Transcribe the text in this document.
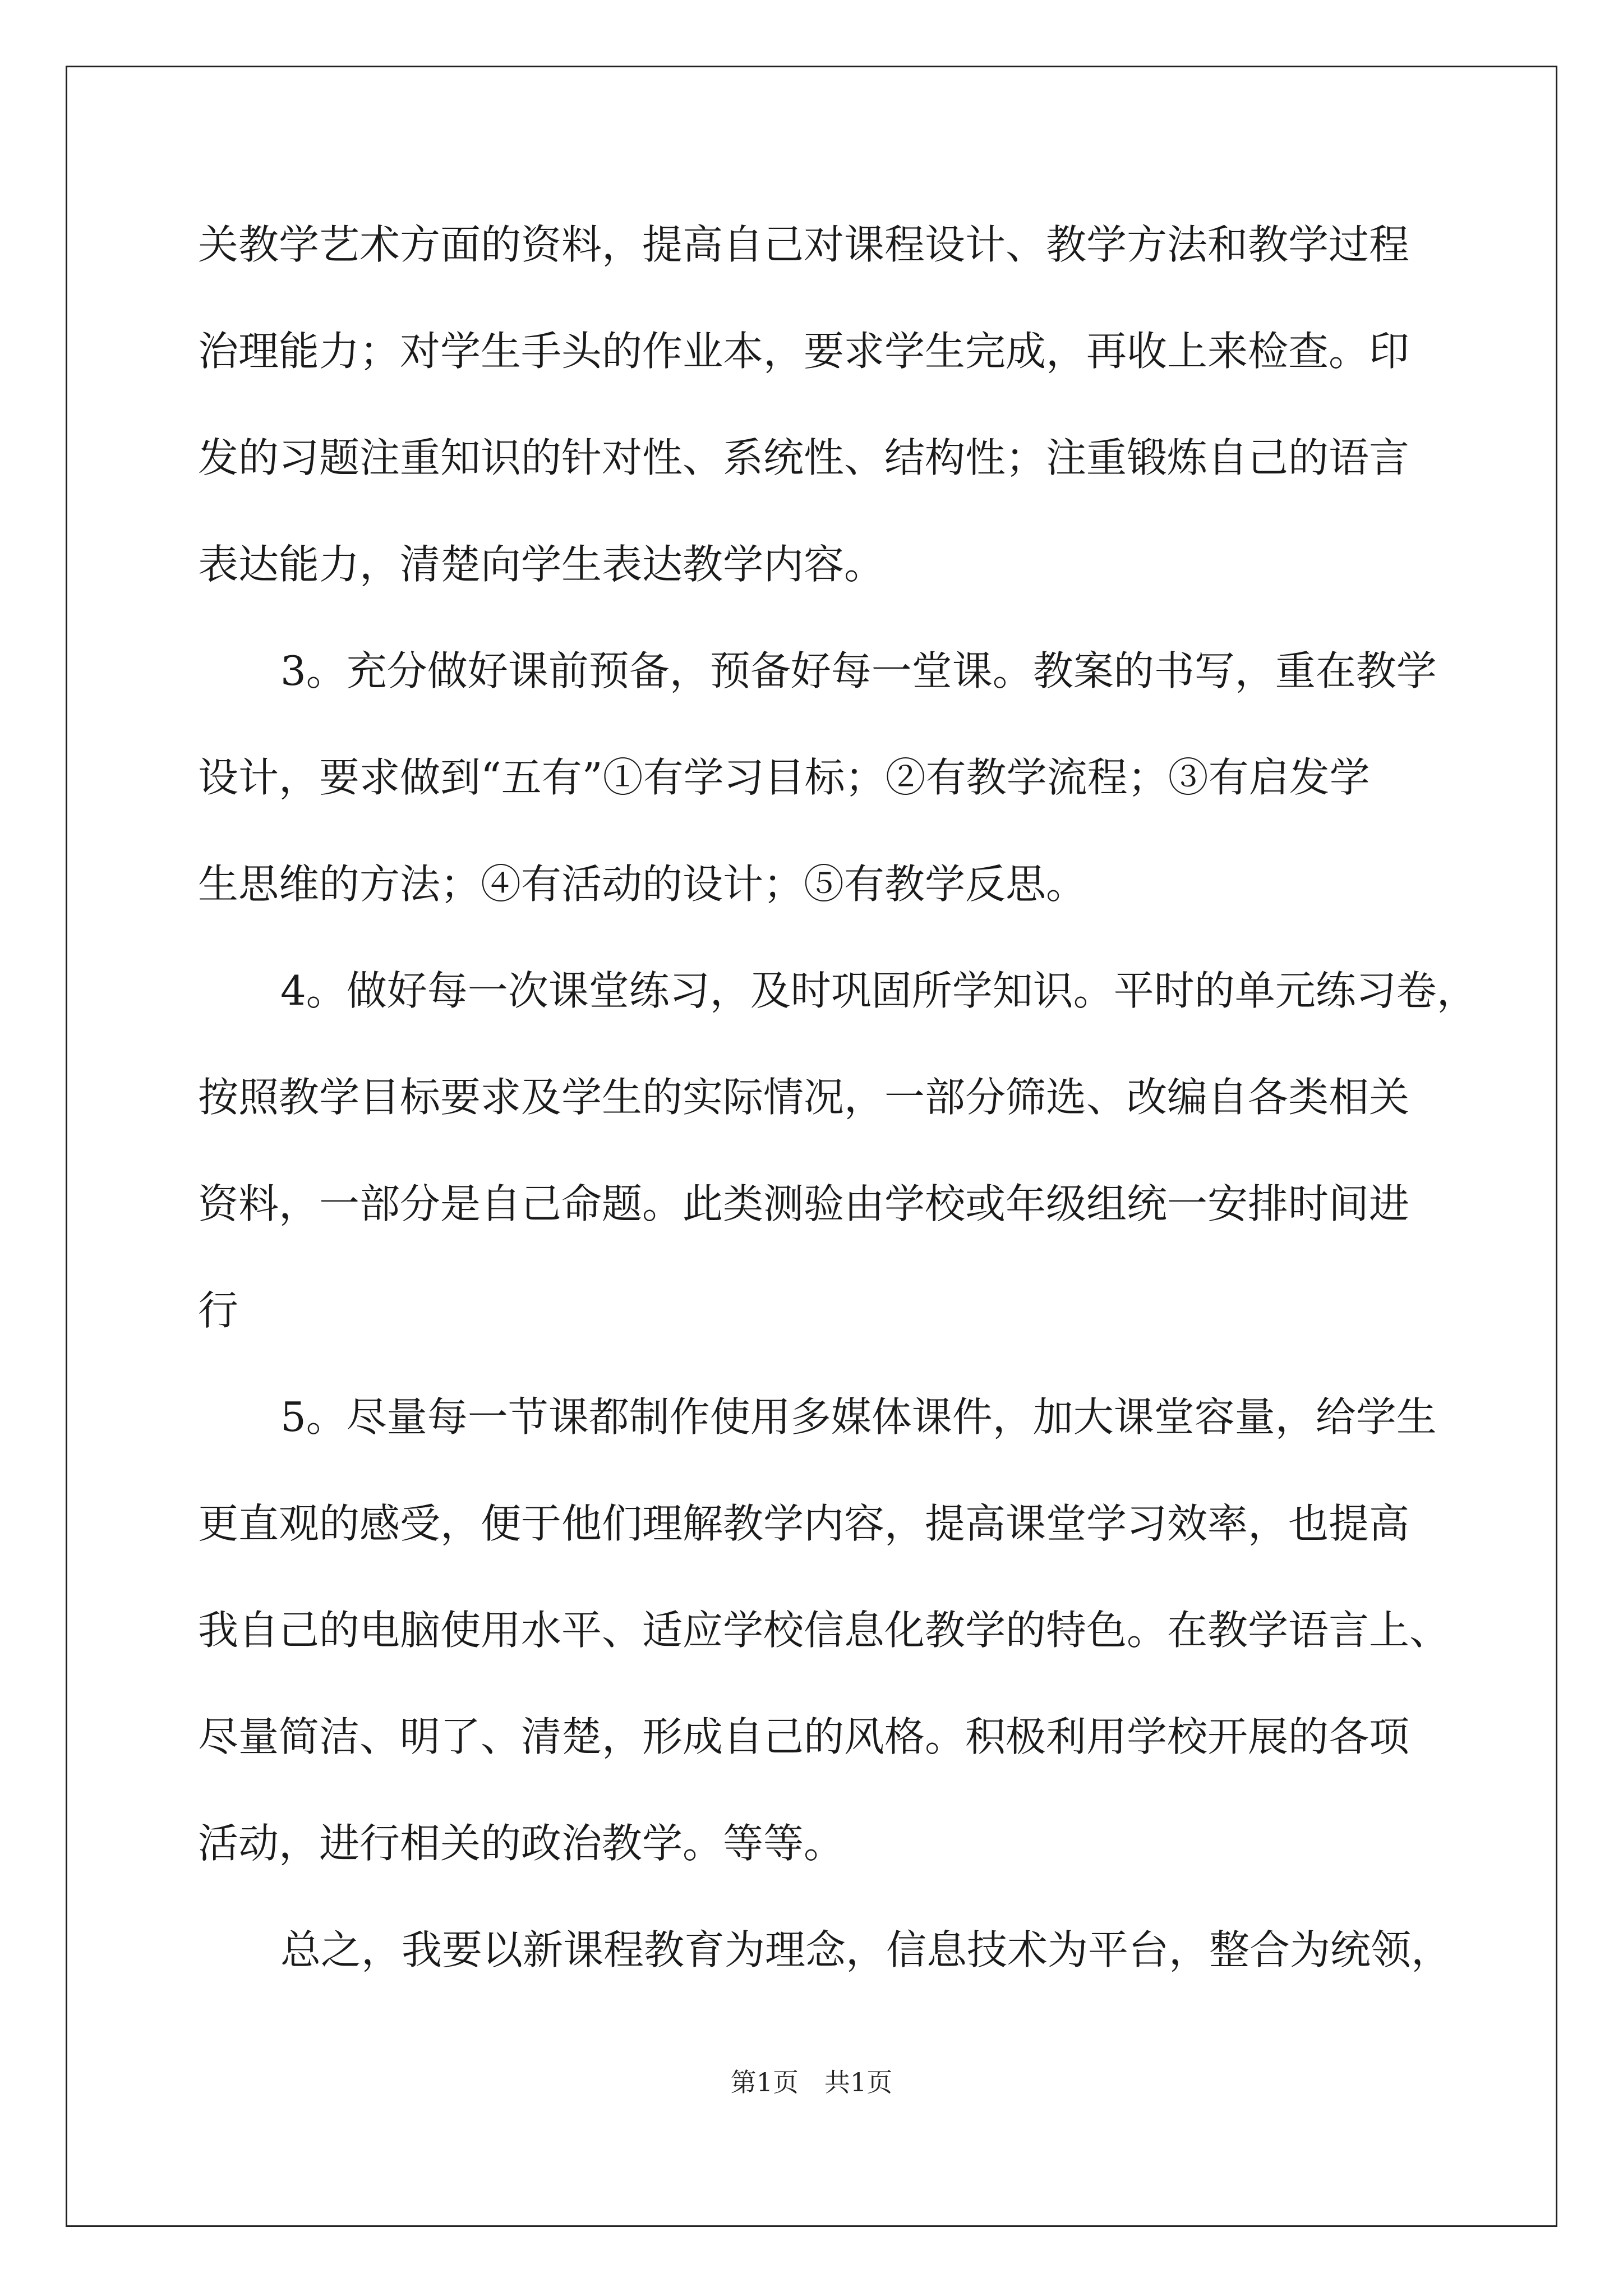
关教学艺术方面的资料，提高自己对课程设计、教学方法和教学过程
治理能力；对学生手头的作业本，要求学生完成，再收上来检查。印
发的习题注重知识的针对性、系统性、结构性；注重锻炼自己的语言
表达能力，清楚向学生表达教学内容。
3。充分做好课前预备，预备好每一堂课。教案的书写，重在教学
设计，要求做到“五有”①有学习目标；②有教学流程；③有启发学
生思维的方法；④有活动的设计；⑤有教学反思。
4。做好每一次课堂练习，及时巩固所学知识。平时的单元练习卷，
按照教学目标要求及学生的实际情况，一部分筛选、改编自各类相关
资料，一部分是自己命题。此类测验由学校或年级组统一安排时间进
行
5。尽量每一节课都制作使用多媒体课件，加大课堂容量，给学生
更直观的感受，便于他们理解教学内容，提高课堂学习效率，也提高
我自己的电脑使用水平、适应学校信息化教学的特色。在教学语言上、
尽量简洁、明了、清楚，形成自己的风格。积极利用学校开展的各项
活动，进行相关的政治教学。等等。
总之，我要以新课程教育为理念，信息技术为平台，整合为统领，
第1页 共1页
